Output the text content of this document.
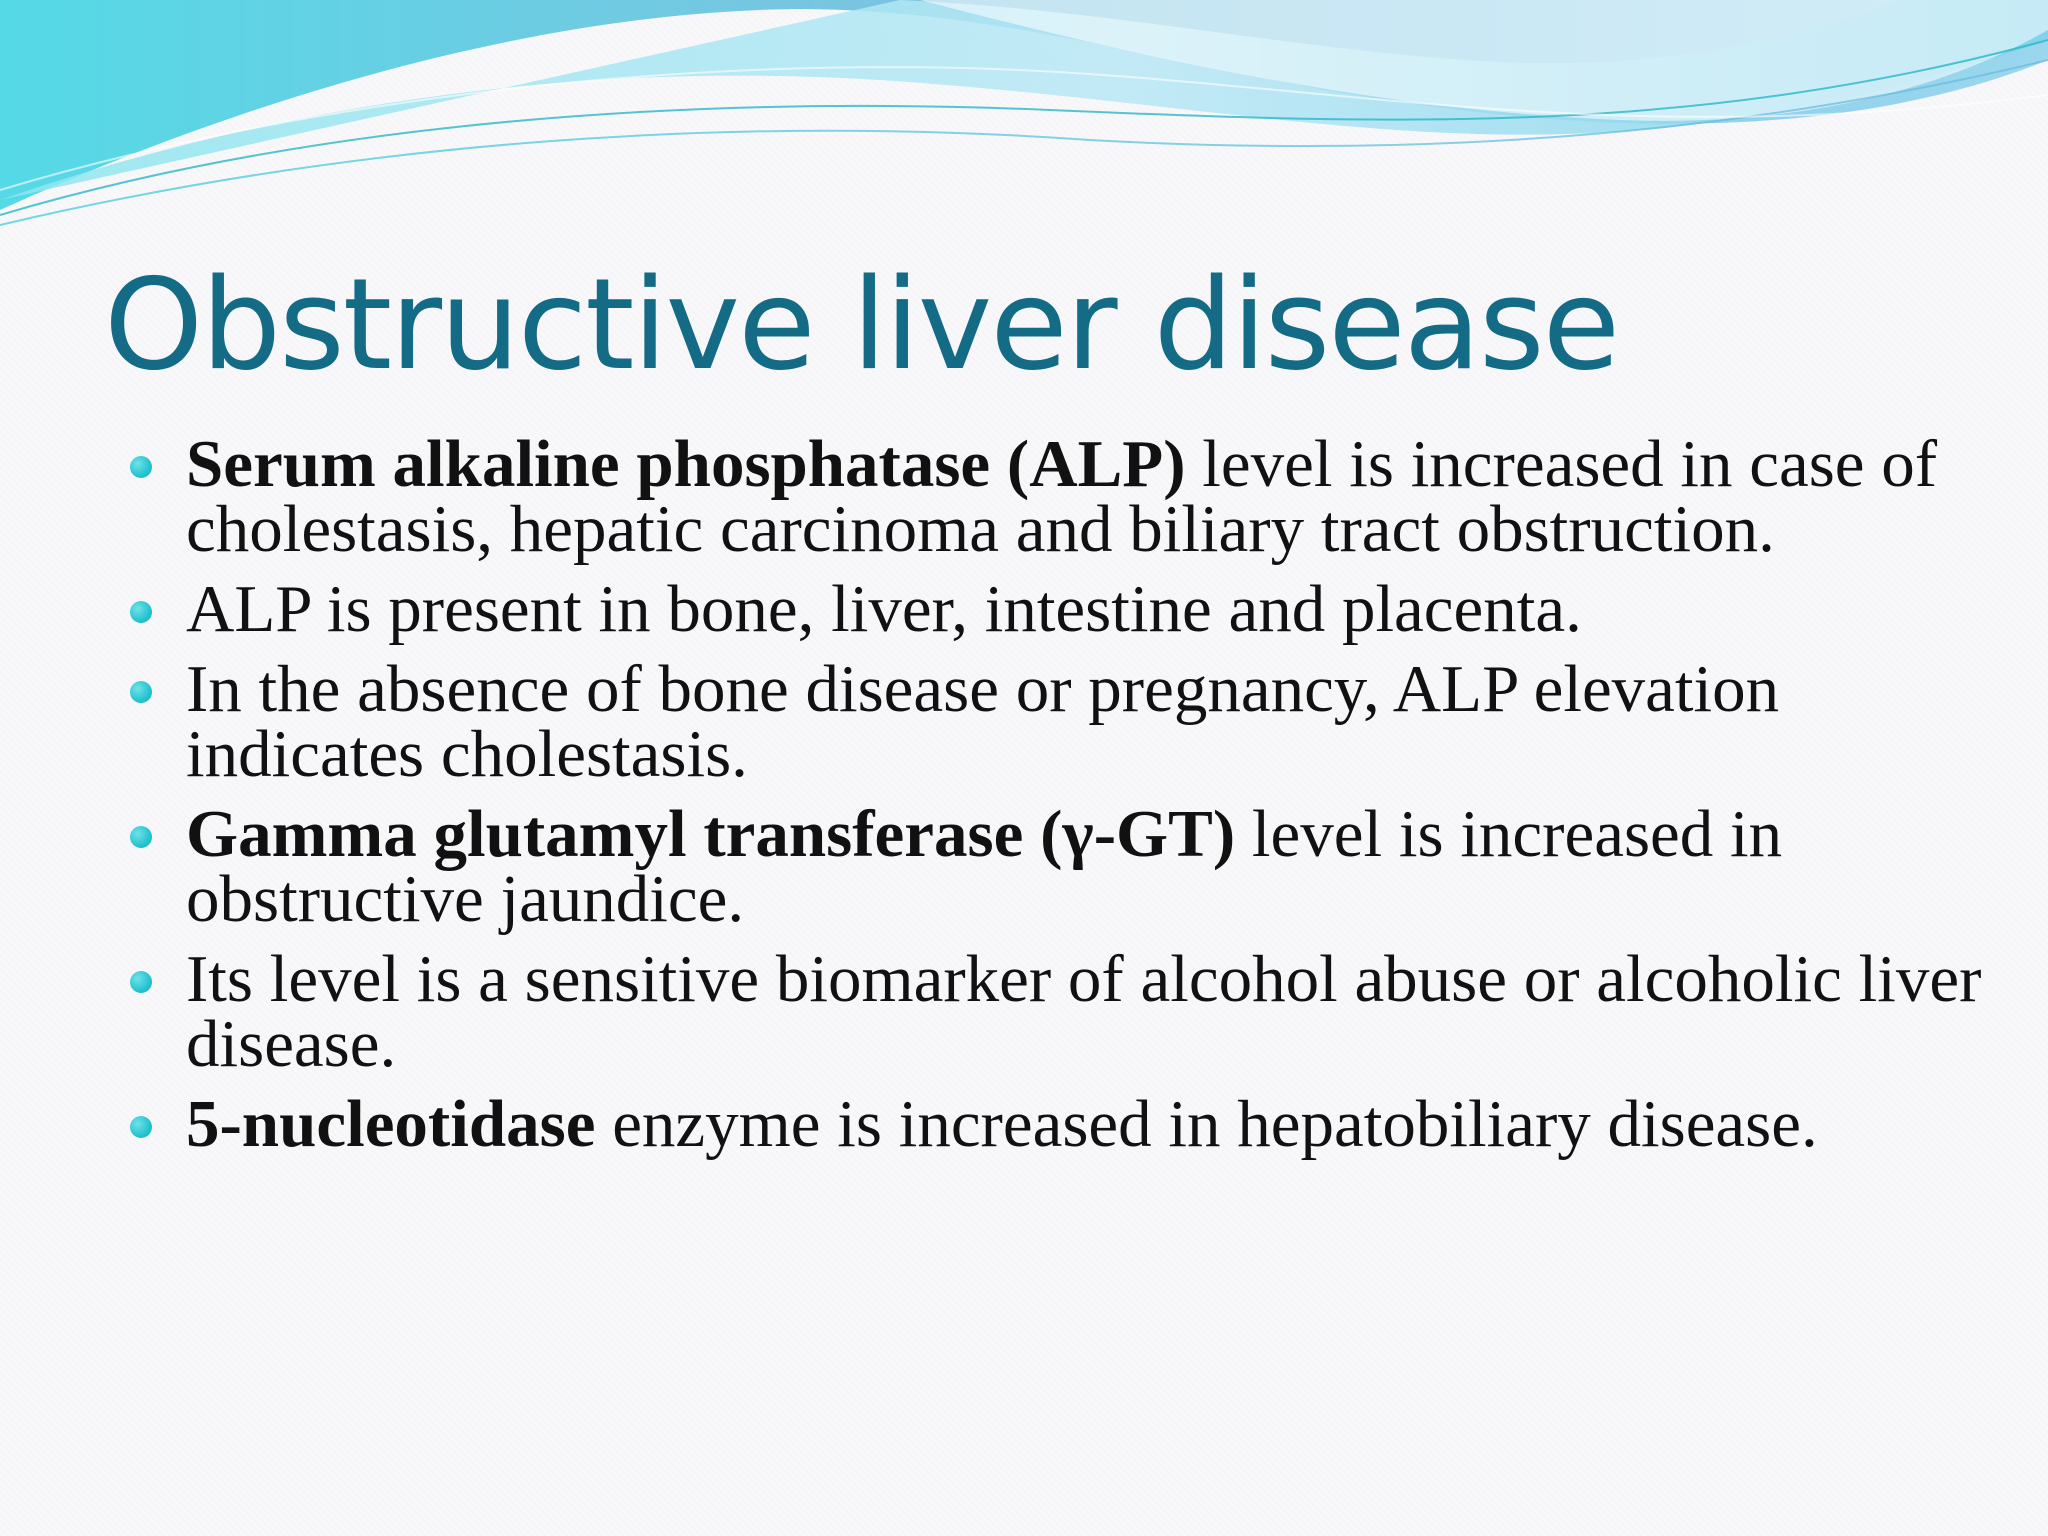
Obstructive liver disease
Serum alkaline phosphatase (ALP) level is increased in case of cholestasis, hepatic carcinoma and biliary tract obstruction.
ALP is present in bone, liver, intestine and placenta.
In the absence of bone disease or pregnancy, ALP elevation indicates cholestasis.
Gamma glutamyl transferase (γ-GT) level is increased in obstructive jaundice.
Its level is a sensitive biomarker of alcohol abuse or alcoholic liver disease.
5-nucleotidase enzyme is increased in hepatobiliary disease.
